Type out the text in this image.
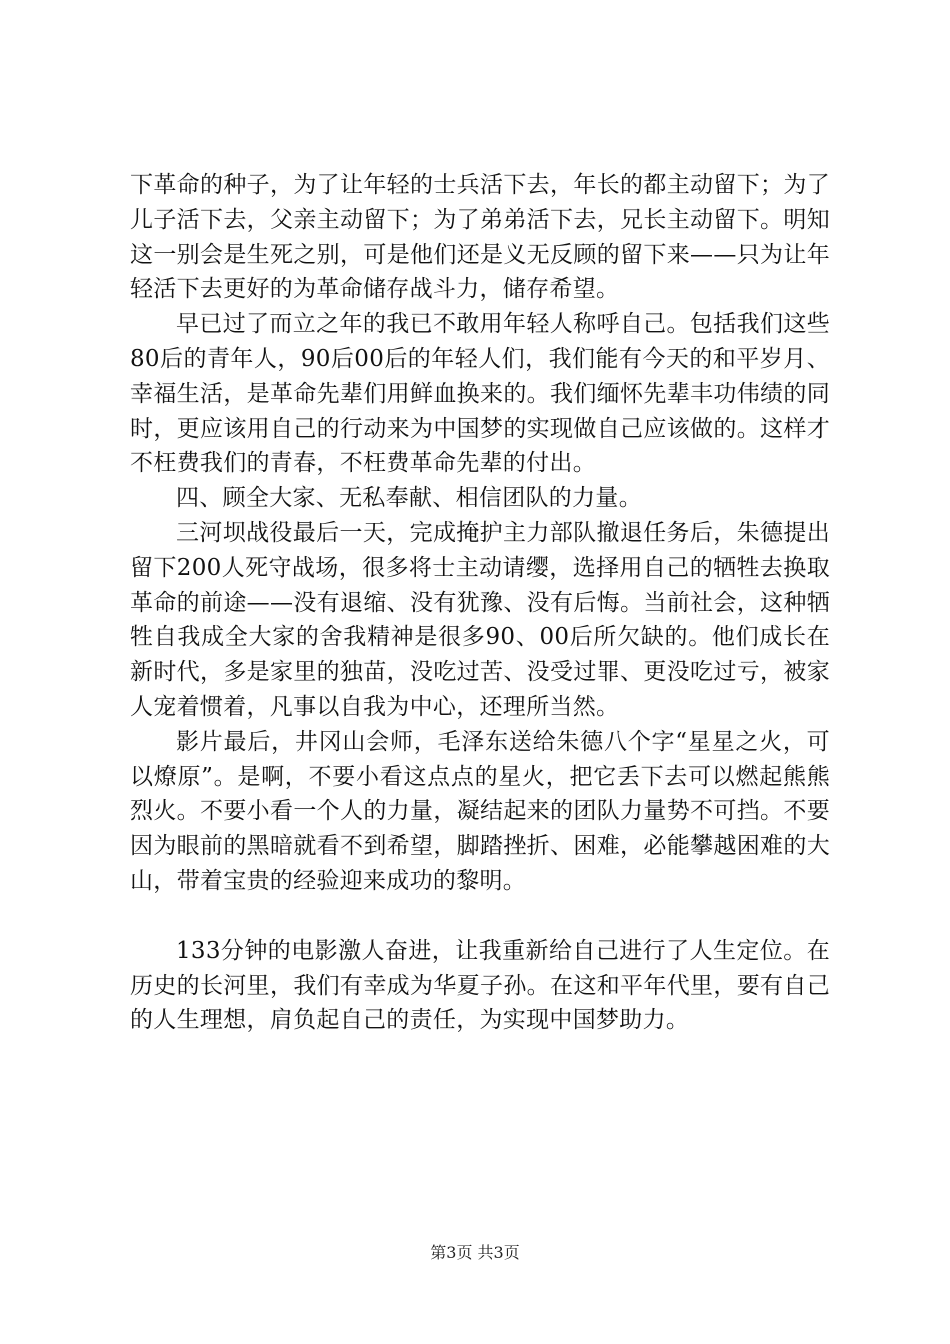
下革命的种子，为了让年轻的士兵活下去，年长的都主动留下；为了儿子活下去，父亲主动留下；为了弟弟活下去，兄长主动留下。明知这一别会是生死之别，可是他们还是义无反顾的留下来——只为让年轻活下去更好的为革命储存战斗力，储存希望。

早已过了而立之年的我已不敢用年轻人称呼自己。包括我们这些80后的青年人，90后00后的年轻人们，我们能有今天的和平岁月、幸福生活，是革命先辈们用鲜血换来的。我们缅怀先辈丰功伟绩的同时，更应该用自己的行动来为中国梦的实现做自己应该做的。这样才不枉费我们的青春，不枉费革命先辈的付出。

四、顾全大家、无私奉献、相信团队的力量。

三河坝战役最后一天，完成掩护主力部队撤退任务后，朱德提出留下200人死守战场，很多将士主动请缨，选择用自己的牺牲去换取革命的前途——没有退缩、没有犹豫、没有后悔。当前社会，这种牺牲自我成全大家的舍我精神是很多90、00后所欠缺的。他们成长在新时代，多是家里的独苗，没吃过苦、没受过罪、更没吃过亏，被家人宠着惯着，凡事以自我为中心，还理所当然。

影片最后，井冈山会师，毛泽东送给朱德八个字“星星之火，可以燎原”。是啊，不要小看这点点的星火，把它丢下去可以燃起熊熊烈火。不要小看一个人的力量，凝结起来的团队力量势不可挡。不要因为眼前的黑暗就看不到希望，脚踏挫折、困难，必能攀越困难的大山，带着宝贵的经验迎来成功的黎明。

133分钟的电影激人奋进，让我重新给自己进行了人生定位。在历史的长河里，我们有幸成为华夏子孙。在这和平年代里，要有自己的人生理想，肩负起自己的责任，为实现中国梦助力。

第3页 共3页
